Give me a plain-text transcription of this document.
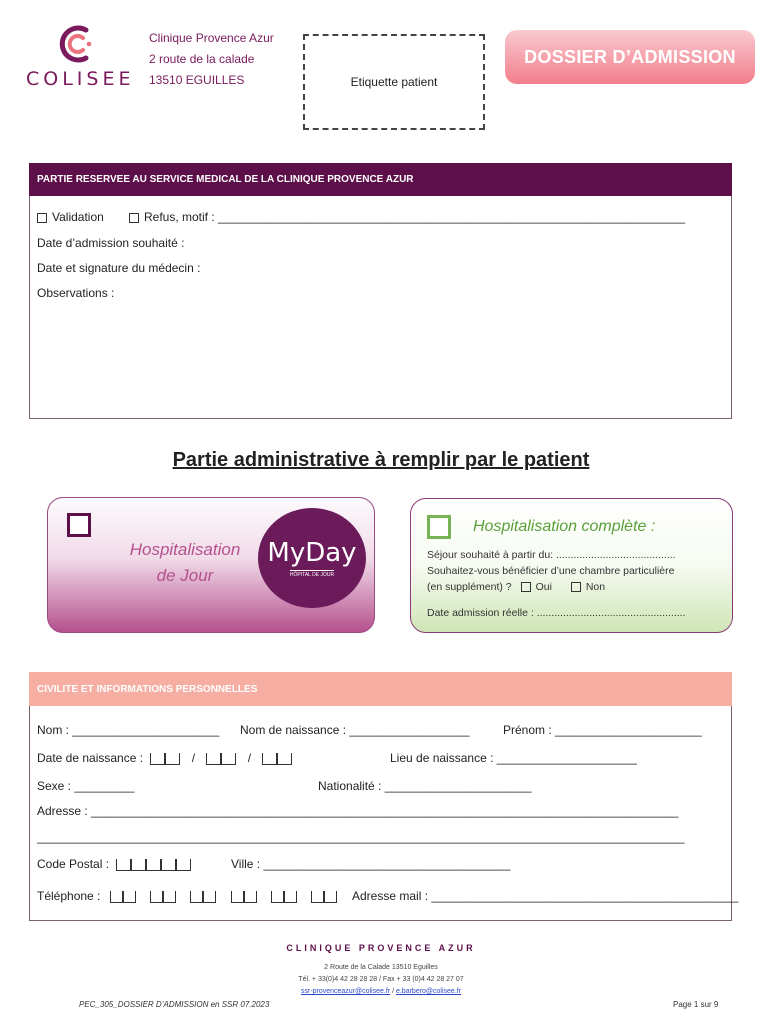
COLISEE
Clinique Provence Azur
2 route de la calade
13510 EGUILLES	Etiquette patient
DOSSIER D’ADMISSION
PARTIE RESERVEE AU SERVICE MEDICAL DE LA CLINIQUE PROVENCE AZUR
Validation	Refus, motif : ______________________________________________________________________
Date d’admission souhaité :
Date et signature du médecin :
Observations :
Partie administrative à remplir par le patient
Hospitalisation
de Jour
MyDay
HÔPITAL DE JOUR
Hospitalisation complète :
Séjour souhaité à partir du: .........................................
Souhaitez-vous bénéficier d’une chambre particulière
(en supplément) ? Oui	Non
Date admission réelle : ...................................................
CIVILITE ET INFORMATIONS PERSONNELLES
Nom : ______________________ Nom de naissance : __________________	Prénom : ______________________
Date de naissance :	/	/	Lieu de naissance : _____________________
Sexe : _________	Nationalité : ______________________
Adresse : ________________________________________________________________________________________
_________________________________________________________________________________________________
Code Postal :	Ville : _____________________________________
Téléphone :	Adresse mail : ______________________________________________
CLINIQUE PROVENCE AZUR
2 Route de la Calade 13510 Eguilles
Tél. + 33(0)4 42 28 28 28 / Fax + 33 (0)4 42 28 27 07
ssr-provenceazur@colisee.fr / e.barbero@colisee.fr
PEC_305_DOSSIER D’ADMISSION en SSR 07.2023	Page 1 sur 9
